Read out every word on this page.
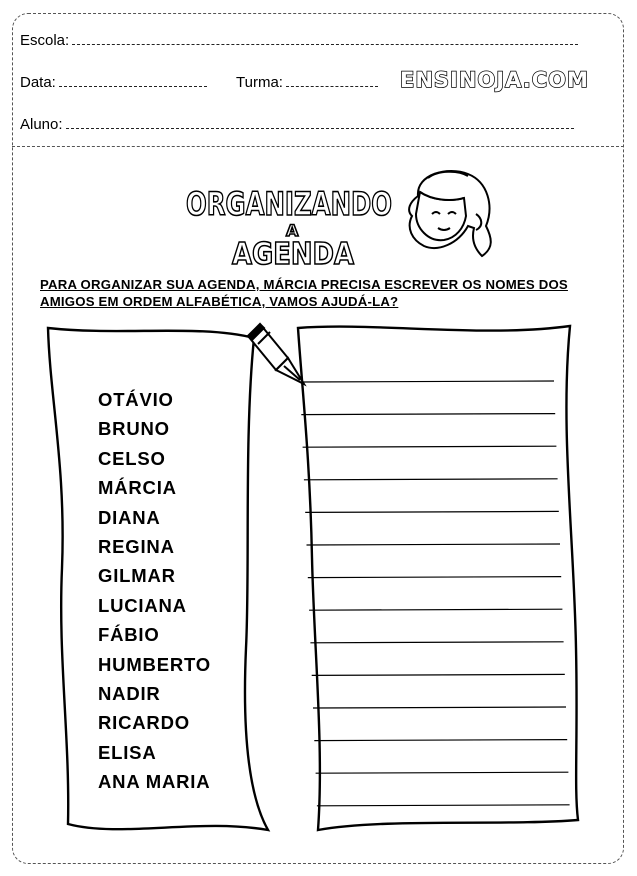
Escola:
Data:	Turma:	ENSINOJA.COM
Aluno:
ORGANIZANDO
A
AGENDA
PARA ORGANIZAR SUA AGENDA, MÁRCIA PRECISA ESCREVER OS NOMES DOS AMIGOS EM ORDEM ALFABÉTICA, VAMOS AJUDÁ-LA?
OTÁVIO
BRUNO
CELSO
MÁRCIA
DIANA
REGINA
GILMAR
LUCIANA
FÁBIO
HUMBERTO
NADIR
RICARDO
ELISA
ANA MARIA
